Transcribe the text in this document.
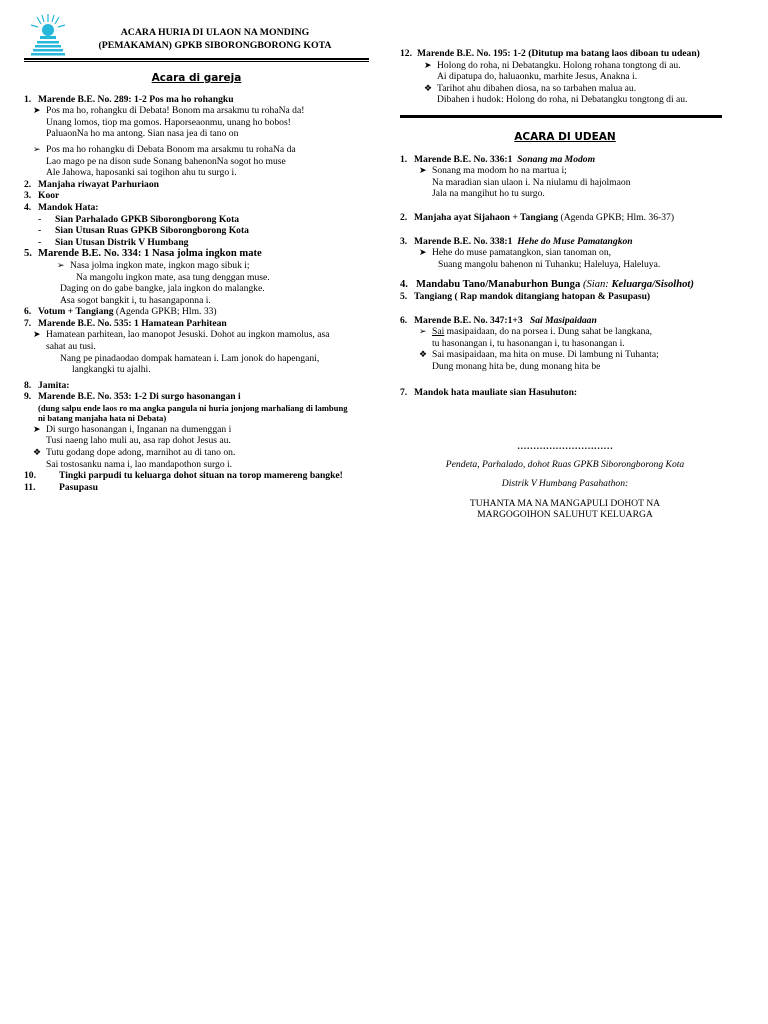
ACARA HURIA DI ULAON NA MONDING
(PEMAKAMAN) GPKB SIBORONGBORONG KOTA
Acara di gareja
1. Marende B.E. No. 289: 1-2 Pos ma ho rohangku
➤ Pos ma ho, rohangku di Debata! Bonom ma arsakmu tu rohaNa da!
Unang lomos, tiop ma gomos. Haporseaonmu, unang ho bobos!
PaluaonNa ho ma antong. Sian nasa jea di tano on
➢ Pos ma ho rohangku di Debata Bonom ma arsakmu tu rohaNa da
Lao mago pe na dison sude Sonang bahenonNa sogot ho muse
Ale Jahowa, haposanki sai togihon ahu tu surgo i.
2. Manjaha riwayat Parhuriaon
3. Koor
4. Mandok Hata:
-	Sian Parhalado GPKB Siborongborong Kota
-	Sian Utusan Ruas GPKB Siborongborong Kota
-	Sian Utusan Distrik V Humbang
5. Marende B.E. No. 334: 1 Nasa jolma ingkon mate
➢ Nasa jolma ingkon mate, ingkon mago sibuk i;
Na mangolu ingkon mate, asa tung denggan muse.
Daging on do gabe bangke, jala ingkon do malangke.
Asa sogot bangkit i, tu hasangaponna i.
6. Votum + Tangiang (Agenda GPKB; Hlm. 33)
7. Marende B.E. No. 535: 1 Hamatean Parhitean
➤ Hamatean parhitean, lao manopot Jesuski. Dohot au ingkon mamolus, asa
sahat au tusi.
Nang pe pinadaodao dompak hamatean i. Lam jonok do hapengani,
langkangki tu ajalhi.
8. Jamita:
9. Marende B.E. No. 353: 1-2 Di surgo hasonangan i
(dung salpu ende laos ro ma angka pangula ni huria jonjong marhaliang di lambung
ni batang manjaha hata ni Debata)
➤ Di surgo hasonangan i, Inganan na dumenggan i
Tusi naeng laho muli au, asa rap dohot Jesus au.
❖ Tutu godang dope adong, marnihot au di tano on.
Sai tostosanku nama i, lao mandapothon surgo i.
10.	Tingki parpudi tu keluarga dohot situan na torop mamereng bangke!
11.	Pasupasu
12. Marende B.E. No. 195: 1-2 (Ditutup ma batang laos diboan tu udean)
➤ Holong do roha, ni Debatangku. Holong rohana tongtong di au.
Ai dipatupa do, haluaonku, marhite Jesus, Anakna i.
❖ Tarihot ahu dibahen diosa, na so tarbahen malua au.
Dibahen i hudok: Holong do roha, ni Debatangku tongtong di au.
ACARA DI UDEAN
1. Marende B.E. No. 336:1 Sonang ma Modom
➤ Sonang ma modom ho na martua i;
Na maradian sian ulaon i. Na niulamu di hajolmaon
Jala na mangihut ho tu surgo.
2. Manjaha ayat Sijahaon + Tangiang (Agenda GPKB; Hlm. 36-37)
3. Marende B.E. No. 338:1 Hehe do Muse Pamatangkon
➤ Hehe do muse pamatangkon, sian tanoman on,
Suang mangolu bahenon ni Tuhanku; Haleluya, Haleluya.
4. Mandabu Tano/Manaburhon Bunga (Sian: Keluarga/Sisolhot)
5. Tangiang ( Rap mandok ditangiang hatopan & Pasupasu)
6. Marende B.E. No. 347:1+3 Sai Masipaidaan
➢ Sai masipaidaan, do na porsea i. Dung sahat be langkana,
tu hasonangan i, tu hasonangan i, tu hasonangan i.
❖ Sai masipaidaan, ma hita on muse. Di lambung ni Tuhanta;
Dung monang hita be, dung monang hita be
7. Mandok hata mauliate sian Hasuhuton:
…………………………
Pendeta, Parhalado, dohot Ruas GPKB Siborongborong Kota
Distrik V Humbang Pasahathon:
TUHANTA MA NA MANGAPULI DOHOT NA
MARGOGOIHON SALUHUT KELUARGA
